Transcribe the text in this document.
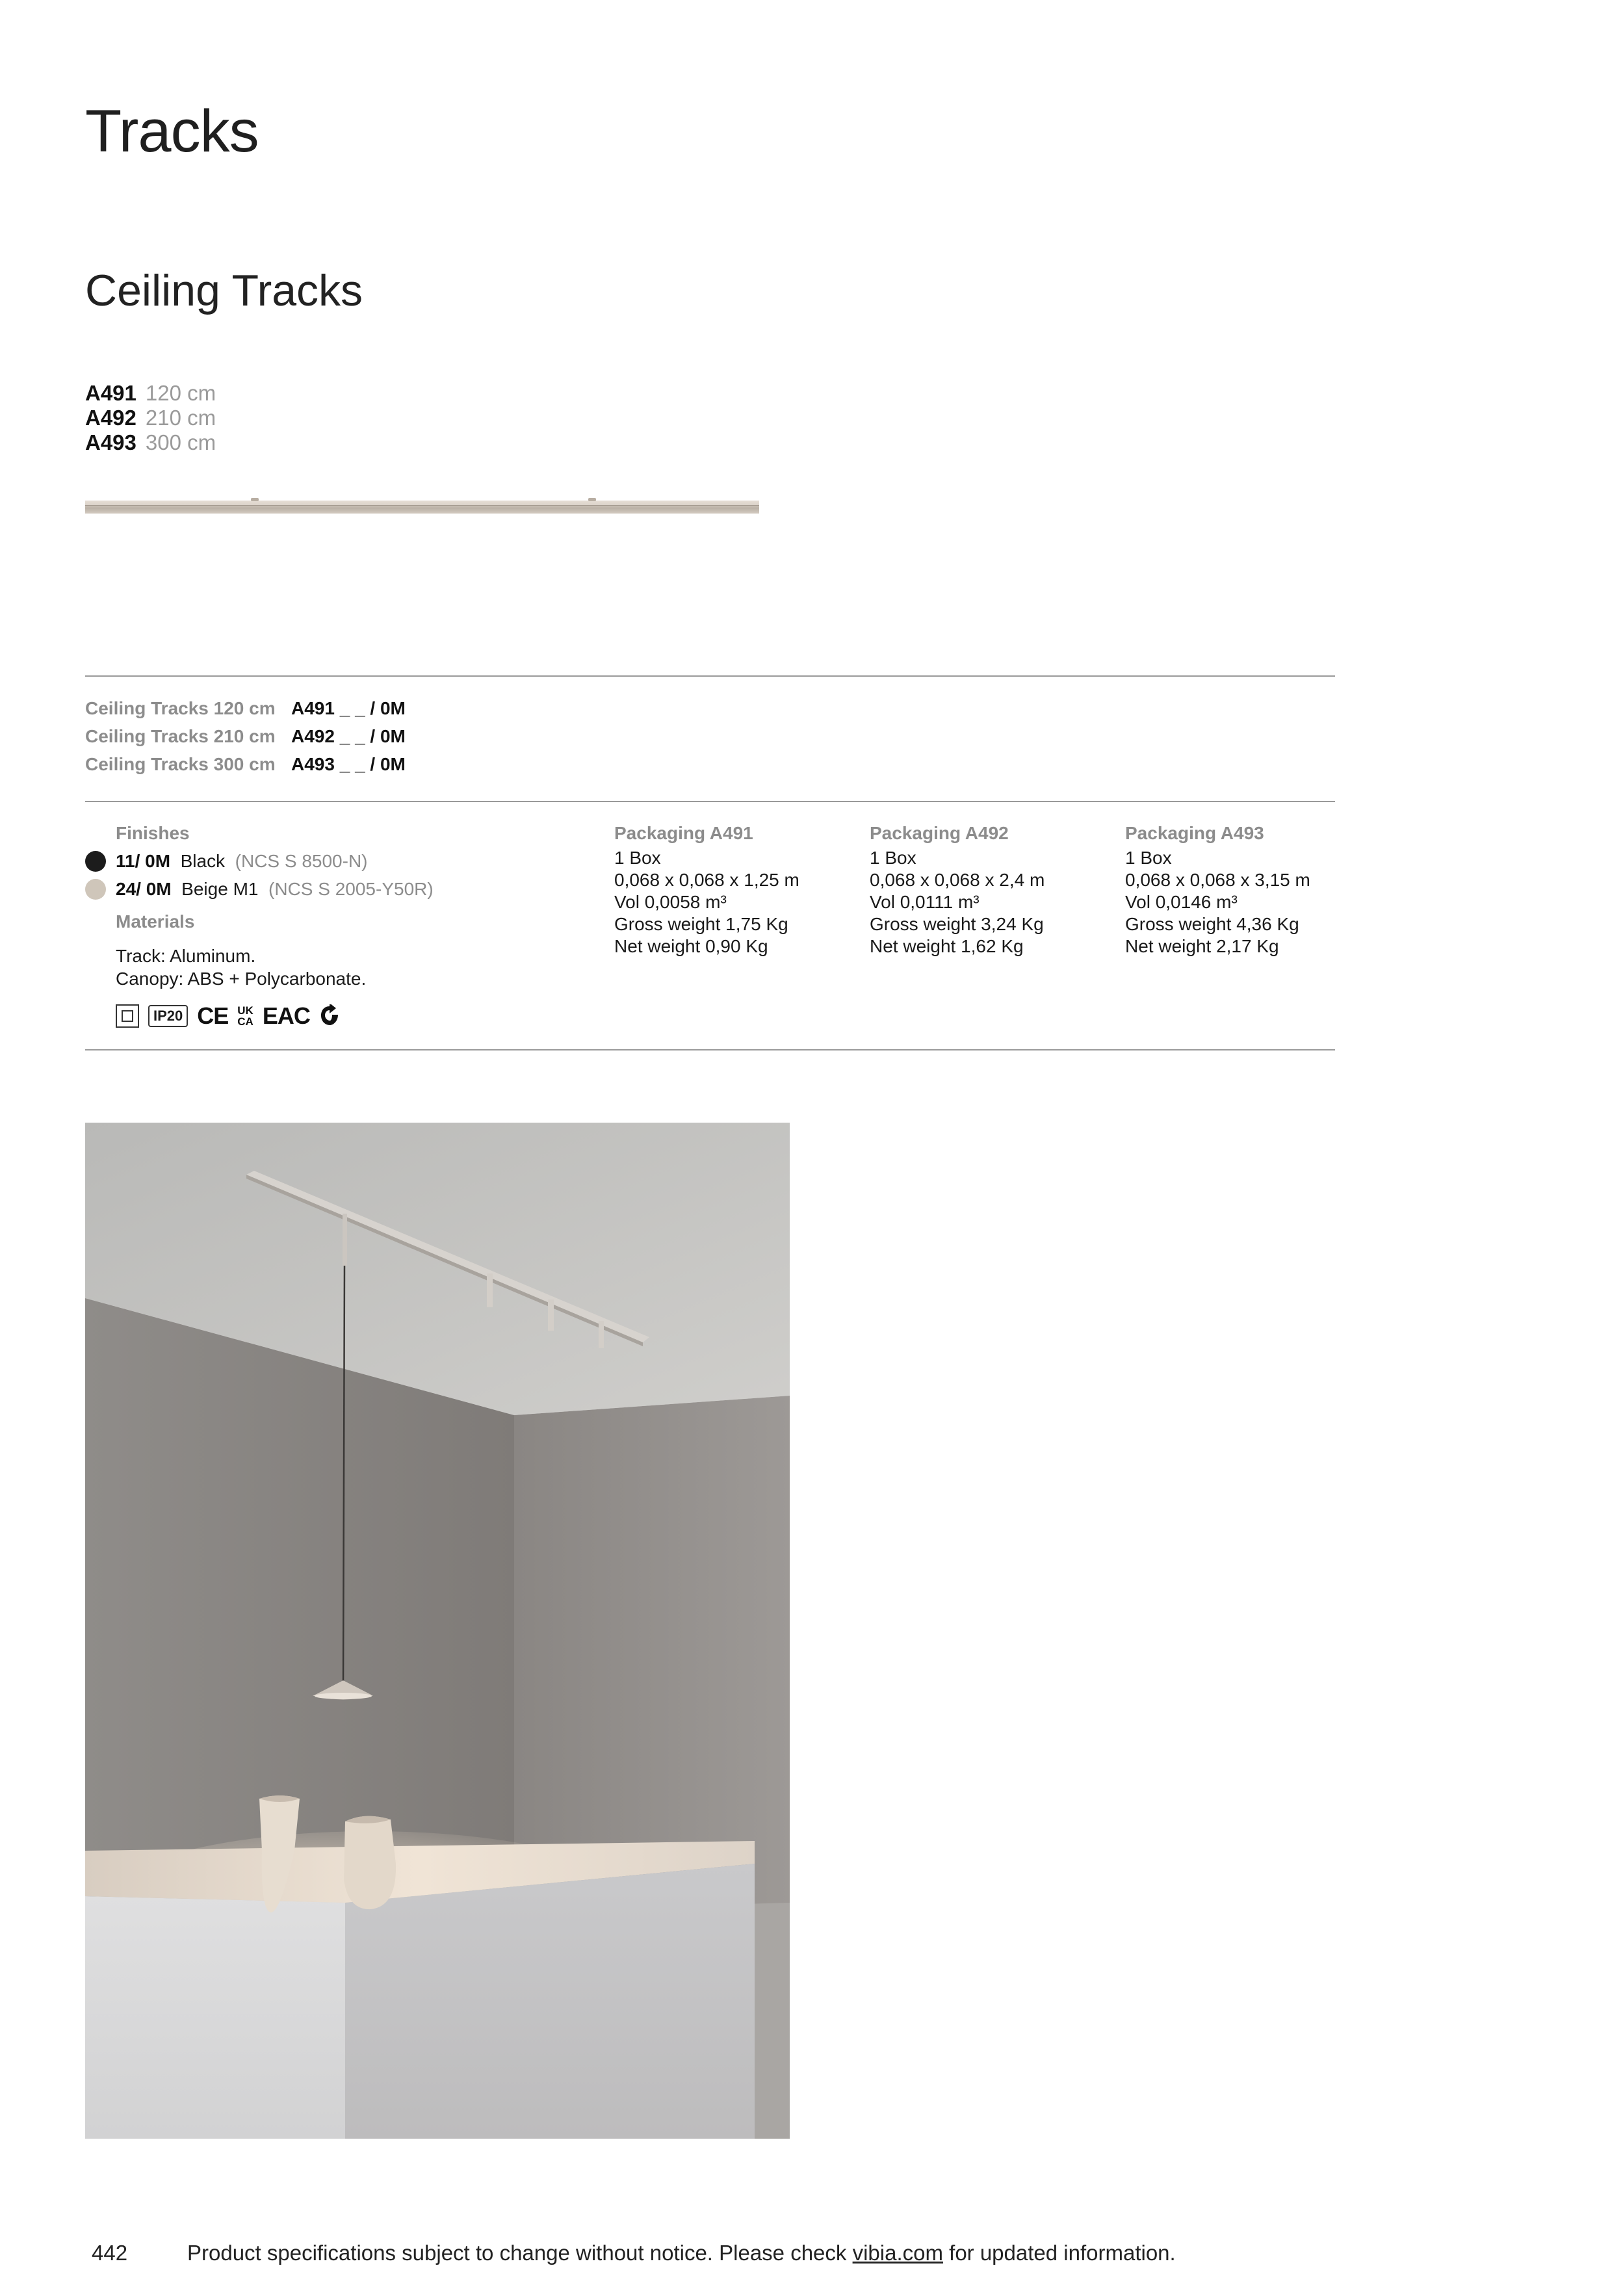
Tracks
Ceiling Tracks
A491 120 cm
A492 210 cm
A493 300 cm
Ceiling Tracks 120 cm A491 _ _ / 0M
Ceiling Tracks 210 cm A492 _ _ / 0M
Ceiling Tracks 300 cm A493 _ _ / 0M
Finishes
11/ 0M Black (NCS S 8500-N)
24/ 0M Beige M1 (NCS S 2005-Y50R)
Materials
Track: Aluminum.
Canopy: ABS + Polycarbonate.
IP20 CE UK
CA EAC
Packaging A491
1 Box
0,068 x 0,068 x 1,25 m
Vol 0,0058 m³
Gross weight 1,75 Kg
Net weight 0,90 Kg
Packaging A492
1 Box
0,068 x 0,068 x 2,4 m
Vol 0,0111 m³
Gross weight 3,24 Kg
Net weight 1,62 Kg
Packaging A493
1 Box
0,068 x 0,068 x 3,15 m
Vol 0,0146 m³
Gross weight 4,36 Kg
Net weight 2,17 Kg
442	Product specifications subject to change without notice. Please check vibia.com for updated information.
